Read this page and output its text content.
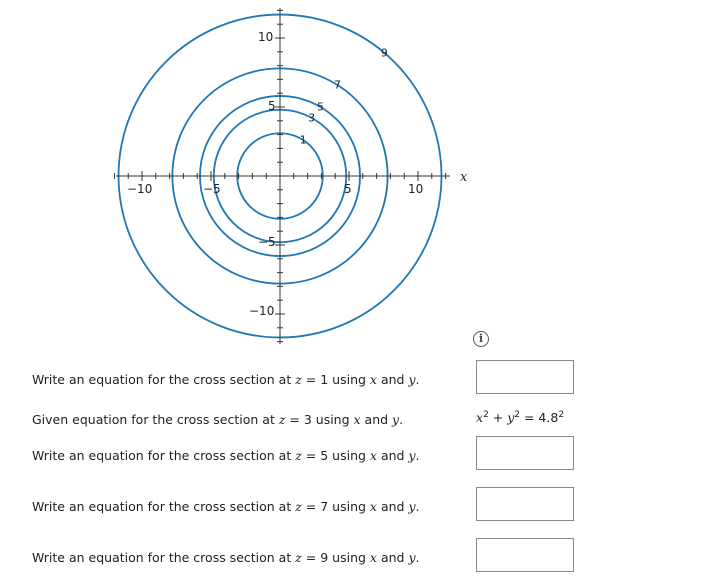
1
3
5
7
9
x
−10	−5	5	10
10
5
−5
−10
i
Write an equation for the cross section at z = 1 using x and y.
Given equation for the cross section at z = 3 using x and y.	$x^2 + y^2 = 4.8^2$
Write an equation for the cross section at z = 5 using x and y.
Write an equation for the cross section at z = 7 using x and y.
Write an equation for the cross section at z = 9 using x and y.
